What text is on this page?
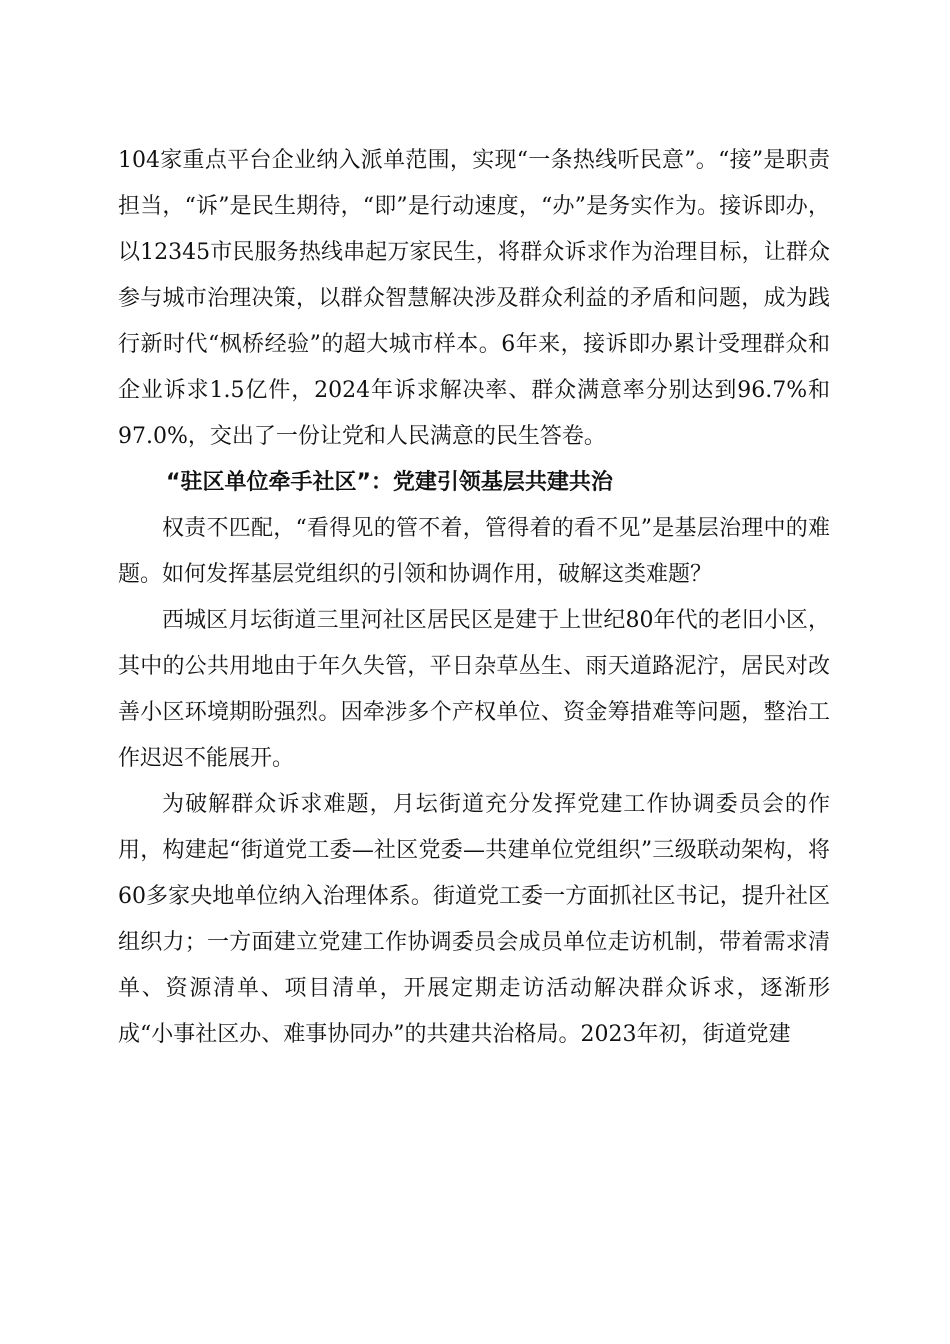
104家重点平台企业纳入派单范围，实现“一条热线听民意”。“接”是职责担当，“诉”是民生期待，“即”是行动速度，“办”是务实作为。接诉即办，以12345市民服务热线串起万家民生，将群众诉求作为治理目标，让群众参与城市治理决策，以群众智慧解决涉及群众利益的矛盾和问题，成为践行新时代“枫桥经验”的超大城市样本。6年来，接诉即办累计受理群众和企业诉求1.5亿件，2024年诉求解决率、群众满意率分别达到96.7%和97.0%，交出了一份让党和人民满意的民生答卷。

“驻区单位牵手社区”：党建引领基层共建共治

权责不匹配，“看得见的管不着，管得着的看不见”是基层治理中的难题。如何发挥基层党组织的引领和协调作用，破解这类难题？

西城区月坛街道三里河社区居民区是建于上世纪80年代的老旧小区，其中的公共用地由于年久失管，平日杂草丛生、雨天道路泥泞，居民对改善小区环境期盼强烈。因牵涉多个产权单位、资金筹措难等问题，整治工作迟迟不能展开。

为破解群众诉求难题，月坛街道充分发挥党建工作协调委员会的作用，构建起“街道党工委—社区党委—共建单位党组织”三级联动架构，将60多家央地单位纳入治理体系。街道党工委一方面抓社区书记，提升社区组织力；一方面建立党建工作协调委员会成员单位走访机制，带着需求清单、资源清单、项目清单，开展定期走访活动解决群众诉求，逐渐形成“小事社区办、难事协同办”的共建共治格局。2023年初，街道党建
